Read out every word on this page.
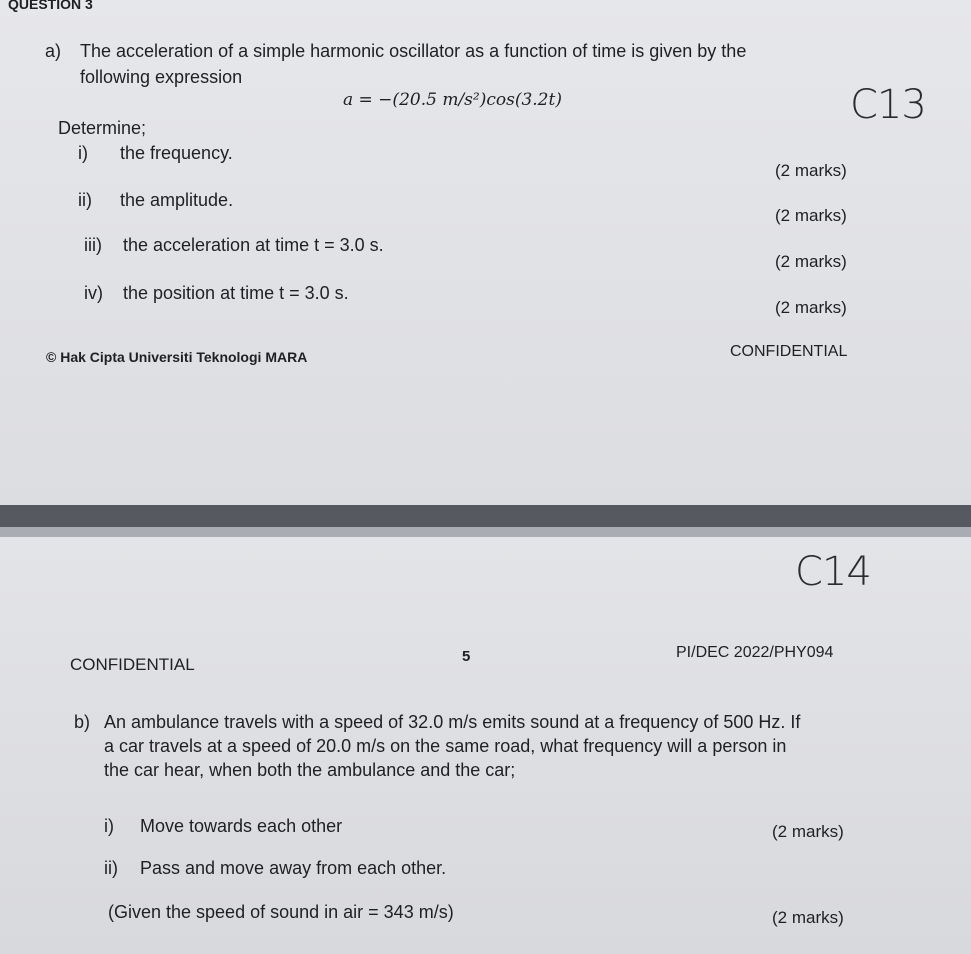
QUESTION 3
a) The acceleration of a simple harmonic oscillator as a function of time is given by the
following expression
a = −(20.5 m/s²)cos(3.2t)	C13
Determine;
i) the frequency.
(2 marks)
ii) the amplitude.
(2 marks)
iii) the acceleration at time t = 3.0 s.
(2 marks)
iv) the position at time t = 3.0 s.
(2 marks)
© Hak Cipta Universiti Teknologi MARA	CONFIDENTIAL
C14
CONFIDENTIAL	5	PI/DEC 2022/PHY094
b) An ambulance travels with a speed of 32.0 m/s emits sound at a frequency of 500 Hz. If
a car travels at a speed of 20.0 m/s on the same road, what frequency will a person in
the car hear, when both the ambulance and the car;
i) Move towards each other	(2 marks)
ii) Pass and move away from each other.
(Given the speed of sound in air = 343 m/s)	(2 marks)
